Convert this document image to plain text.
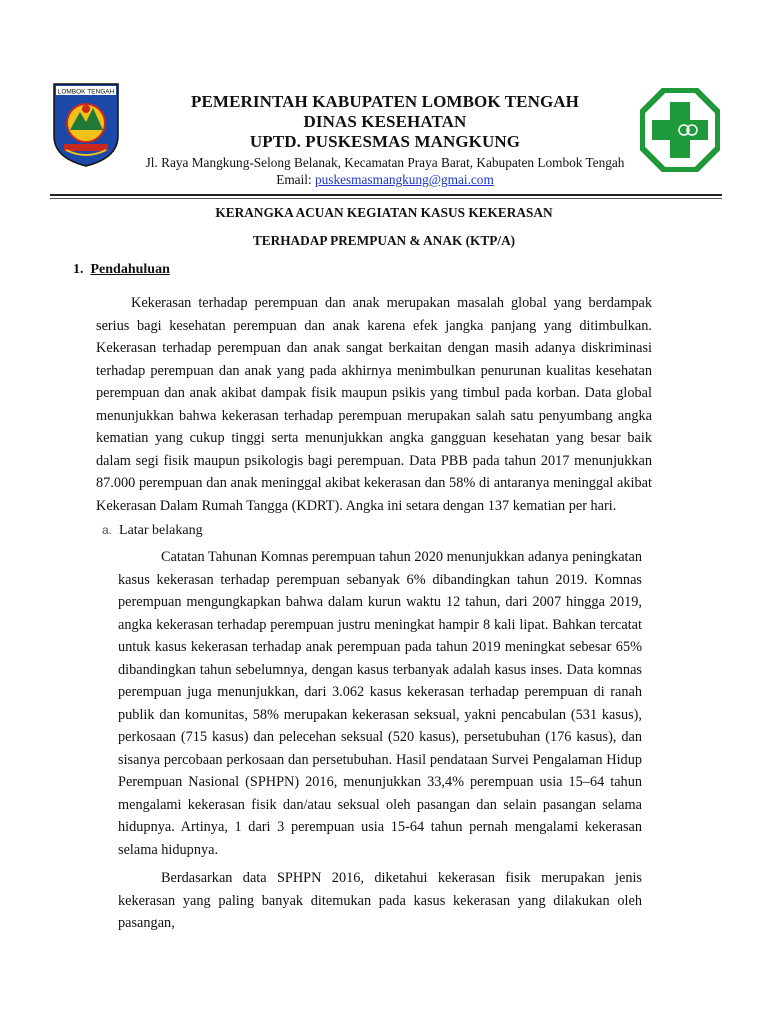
LOMBOK TENGAH	PEMERINTAH KABUPATEN LOMBOK TENGAH
DINAS KESEHATAN
UPTD. PUSKESMAS MANGKUNG
Jl. Raya Mangkung-Selong Belanak, Kecamatan Praya Barat, Kabupaten Lombok Tengah
Email: puskesmasmangkung@gmai.com
KERANGKA ACUAN KEGIATAN KASUS KEKERASAN
TERHADAP PREMPUAN & ANAK (KTP/A)
1. Pendahuluan

Kekerasan terhadap perempuan dan anak merupakan masalah global yang berdampak serius bagi kesehatan perempuan dan anak karena efek jangka panjang yang ditimbulkan. Kekerasan terhadap perempuan dan anak sangat berkaitan dengan masih adanya diskriminasi terhadap perempuan dan anak yang pada akhirnya menimbulkan penurunan kualitas kesehatan perempuan dan anak akibat dampak fisik maupun psikis yang timbul pada korban. Data global menunjukkan bahwa kekerasan terhadap perempuan merupakan salah satu penyumbang angka kematian yang cukup tinggi serta menunjukkan angka gangguan kesehatan yang besar baik dalam segi fisik maupun psikologis bagi perempuan. Data PBB pada tahun 2017 menunjukkan 87.000 perempuan dan anak meninggal akibat kekerasan dan 58% di antaranya meninggal akibat Kekerasan Dalam Rumah Tangga (KDRT). Angka ini setara dengan 137 kematian per hari.

a. Latar belakang

Catatan Tahunan Komnas perempuan tahun 2020 menunjukkan adanya peningkatan kasus kekerasan terhadap perempuan sebanyak 6% dibandingkan tahun 2019. Komnas perempuan mengungkapkan bahwa dalam kurun waktu 12 tahun, dari 2007 hingga 2019, angka kekerasan terhadap perempuan justru meningkat hampir 8 kali lipat. Bahkan tercatat untuk kasus kekerasan terhadap anak perempuan pada tahun 2019 meningkat sebesar 65% dibandingkan tahun sebelumnya, dengan kasus terbanyak adalah kasus inses. Data komnas perempuan juga menunjukkan, dari 3.062 kasus kekerasan terhadap perempuan di ranah publik dan komunitas, 58% merupakan kekerasan seksual, yakni pencabulan (531 kasus), perkosaan (715 kasus) dan pelecehan seksual (520 kasus), persetubuhan (176 kasus), dan sisanya percobaan perkosaan dan persetubuhan. Hasil pendataan Survei Pengalaman Hidup Perempuan Nasional (SPHPN) 2016, menunjukkan 33,4% perempuan usia 15–64 tahun mengalami kekerasan fisik dan/atau seksual oleh pasangan dan selain pasangan selama hidupnya. Artinya, 1 dari 3 perempuan usia 15-64 tahun pernah mengalami kekerasan selama hidupnya.

Berdasarkan data SPHPN 2016, diketahui kekerasan fisik merupakan jenis kekerasan yang paling banyak ditemukan pada kasus kekerasan yang dilakukan oleh pasangan,
